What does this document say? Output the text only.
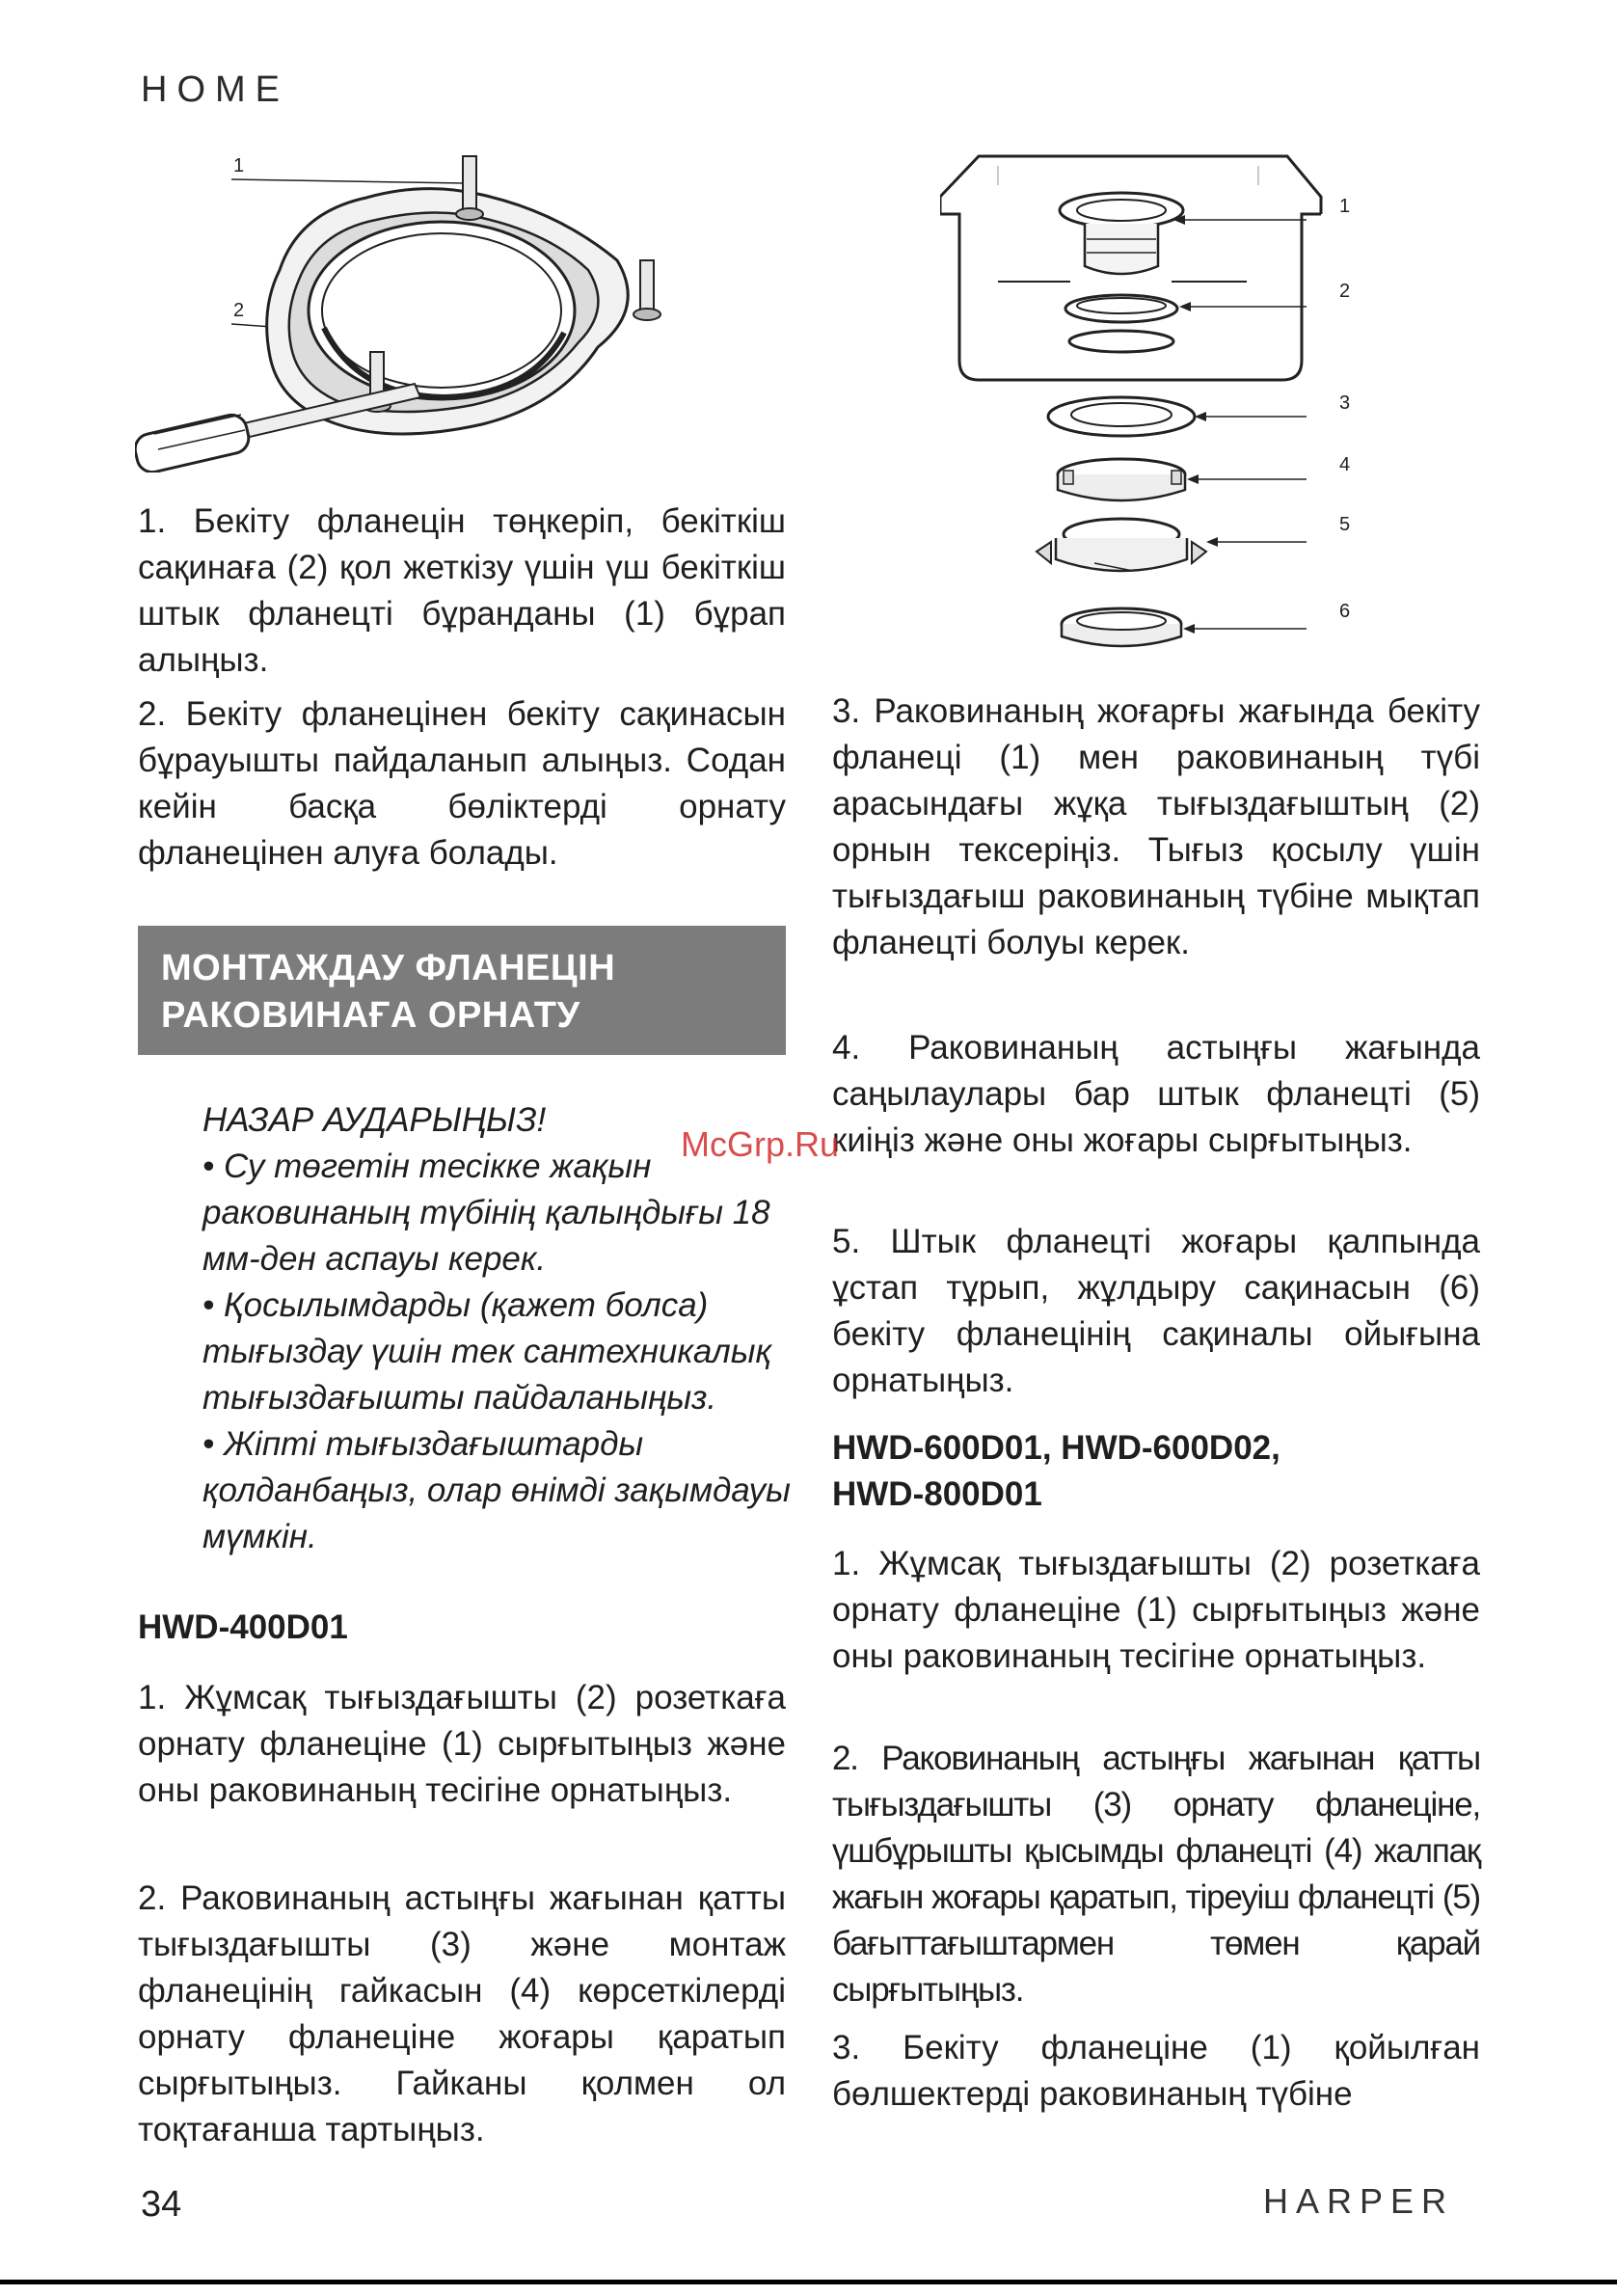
HOME
1
2
1
2
3
4
5
6

1. Бекіту фланецін төңкеріп, бекіткіш сақинаға (2) қол жеткізу үшін үш бекіткіш штык фланецті бұранданы (1) бұрап алыңыз.

2. Бекіту фланецінен бекіту сақинасын бұрауышты пайдаланып алыңыз. Содан кейін басқа бөліктерді орнату фланецінен алуға болады.

МОНТАЖДАУ ФЛАНЕЦІН
РАКОВИНАҒА ОРНАТУ

НАЗАР АУДАРЫҢЫЗ!

• Су төгетін тесікке жақын раковинаның түбінің қалыңдығы 18 мм-ден аспауы керек.

• Қосылымдарды (қажет болса) тығыздау үшін тек сантехникалық тығыздағышты пайдаланыңыз.

• Жіпті тығыздағыштарды қолданбаңыз, олар өнімді зақымдауы мүмкін.

HWD-400D01

1. Жұмсақ тығыздағышты (2) розеткаға орнату фланеціне (1) сырғытыңыз және оны раковинаның тесігіне орнатыңыз.

2. Раковинаның астыңғы жағынан қатты тығыздағышты (3) және монтаж фланецінің гайкасын (4) көрсеткілерді орнату фланеціне жоғары қаратып сырғытыңыз. Гайканы қолмен ол тоқтағанша тартыңыз.

3. Раковинаның жоғарғы жағында бекіту фланеці (1) мен раковинаның түбі арасындағы жұқа тығыздағыштың (2) орнын тексеріңіз. Тығыз қосылу үшін тығыздағыш раковинаның түбіне мықтап фланецті болуы керек.

4. Раковинаның астыңғы жағында саңылаулары бар штык фланецті (5) киіңіз және оны жоғары сырғытыңыз.

5. Штык фланецті жоғары қалпында ұстап тұрып, жұлдыру сақинасын (6) бекіту фланецінің сақиналы ойығына орнатыңыз.

HWD-600D01, HWD-600D02,
HWD-800D01

1. Жұмсақ тығыздағышты (2) розеткаға орнату фланеціне (1) сырғытыңыз және оны раковинаның тесігіне орнатыңыз.

2. Раковинаның астыңғы жағынан қатты тығыздағышты (3) орнату фланеціне, үшбұрышты қысымды фланецті (4) жалпақ жағын жоғары қаратып, тіреуіш фланецті (5) бағыттағыштармен төмен қарай сырғытыңыз.

3. Бекіту фланеціне (1) қойылған бөлшектерді раковинаның түбіне

McGrp.Ru
34	HARPER
